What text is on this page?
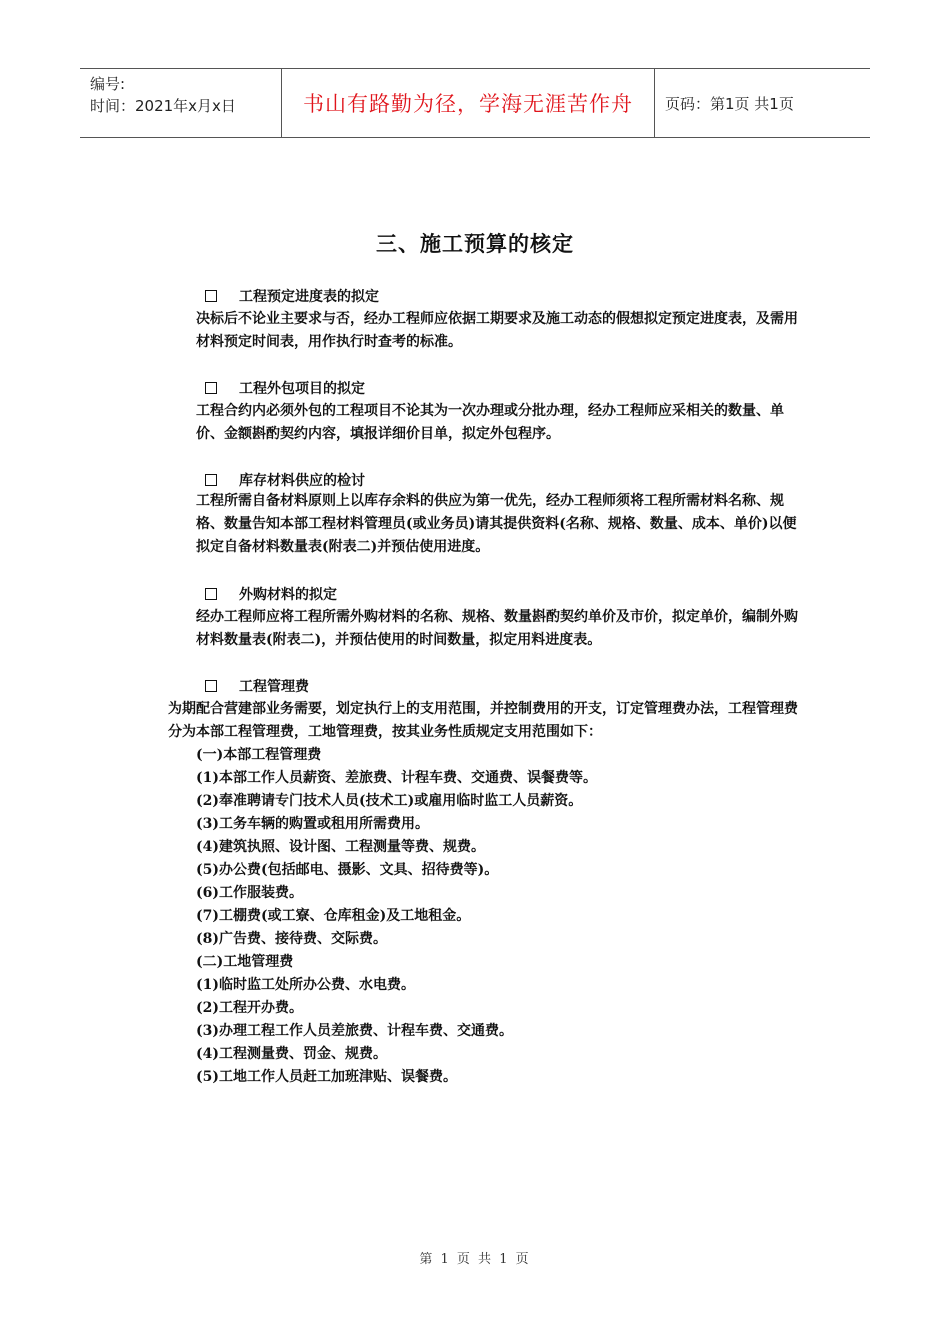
编号:
时间：2021年x月x日	书山有路勤为径，学海无涯苦作舟	页码：第1页 共1页
三、施工预算的核定
工程预定进度表的拟定
决标后不论业主要求与否，经办工程师应依据工期要求及施工动态的假想拟定预定进度表，及需用材料预定时间表，用作执行时查考的标准。
工程外包项目的拟定
工程合约内必须外包的工程项目不论其为一次办理或分批办理，经办工程师应采相关的数量、单价、金额斟酌契约内容，填报详细价目单，拟定外包程序。
库存材料供应的检讨
工程所需自备材料原则上以库存余料的供应为第一优先，经办工程师须将工程所需材料名称、规格、数量告知本部工程材料管理员(或业务员)请其提供资料(名称、规格、数量、成本、单价)以便拟定自备材料数量表(附表二)并预估使用进度。
外购材料的拟定
经办工程师应将工程所需外购材料的名称、规格、数量斟酌契约单价及市价，拟定单价，编制外购材料数量表(附表二)，并预估使用的时间数量，拟定用料进度表。
工程管理费
为期配合营建部业务需要，划定执行上的支用范围，并控制费用的开支，订定管理费办法，工程管理费分为本部工程管理费，工地管理费，按其业务性质规定支用范围如下：
(一)本部工程管理费
(1)本部工作人员薪资、差旅费、计程车费、交通费、误餐费等。
(2)奉准聘请专门技术人员(技术工)或雇用临时监工人员薪资。
(3)工务车辆的购置或租用所需费用。
(4)建筑执照、设计图、工程测量等费、规费。
(5)办公费(包括邮电、摄影、文具、招待费等)。
(6)工作服装费。
(7)工棚费(或工寮、仓库租金)及工地租金。
(8)广告费、接待费、交际费。
(二)工地管理费
(1)临时监工处所办公费、水电费。
(2)工程开办费。
(3)办理工程工作人员差旅费、计程车费、交通费。
(4)工程测量费、罚金、规费。
(5)工地工作人员赶工加班津贴、误餐费。
第 1 页 共 1 页
